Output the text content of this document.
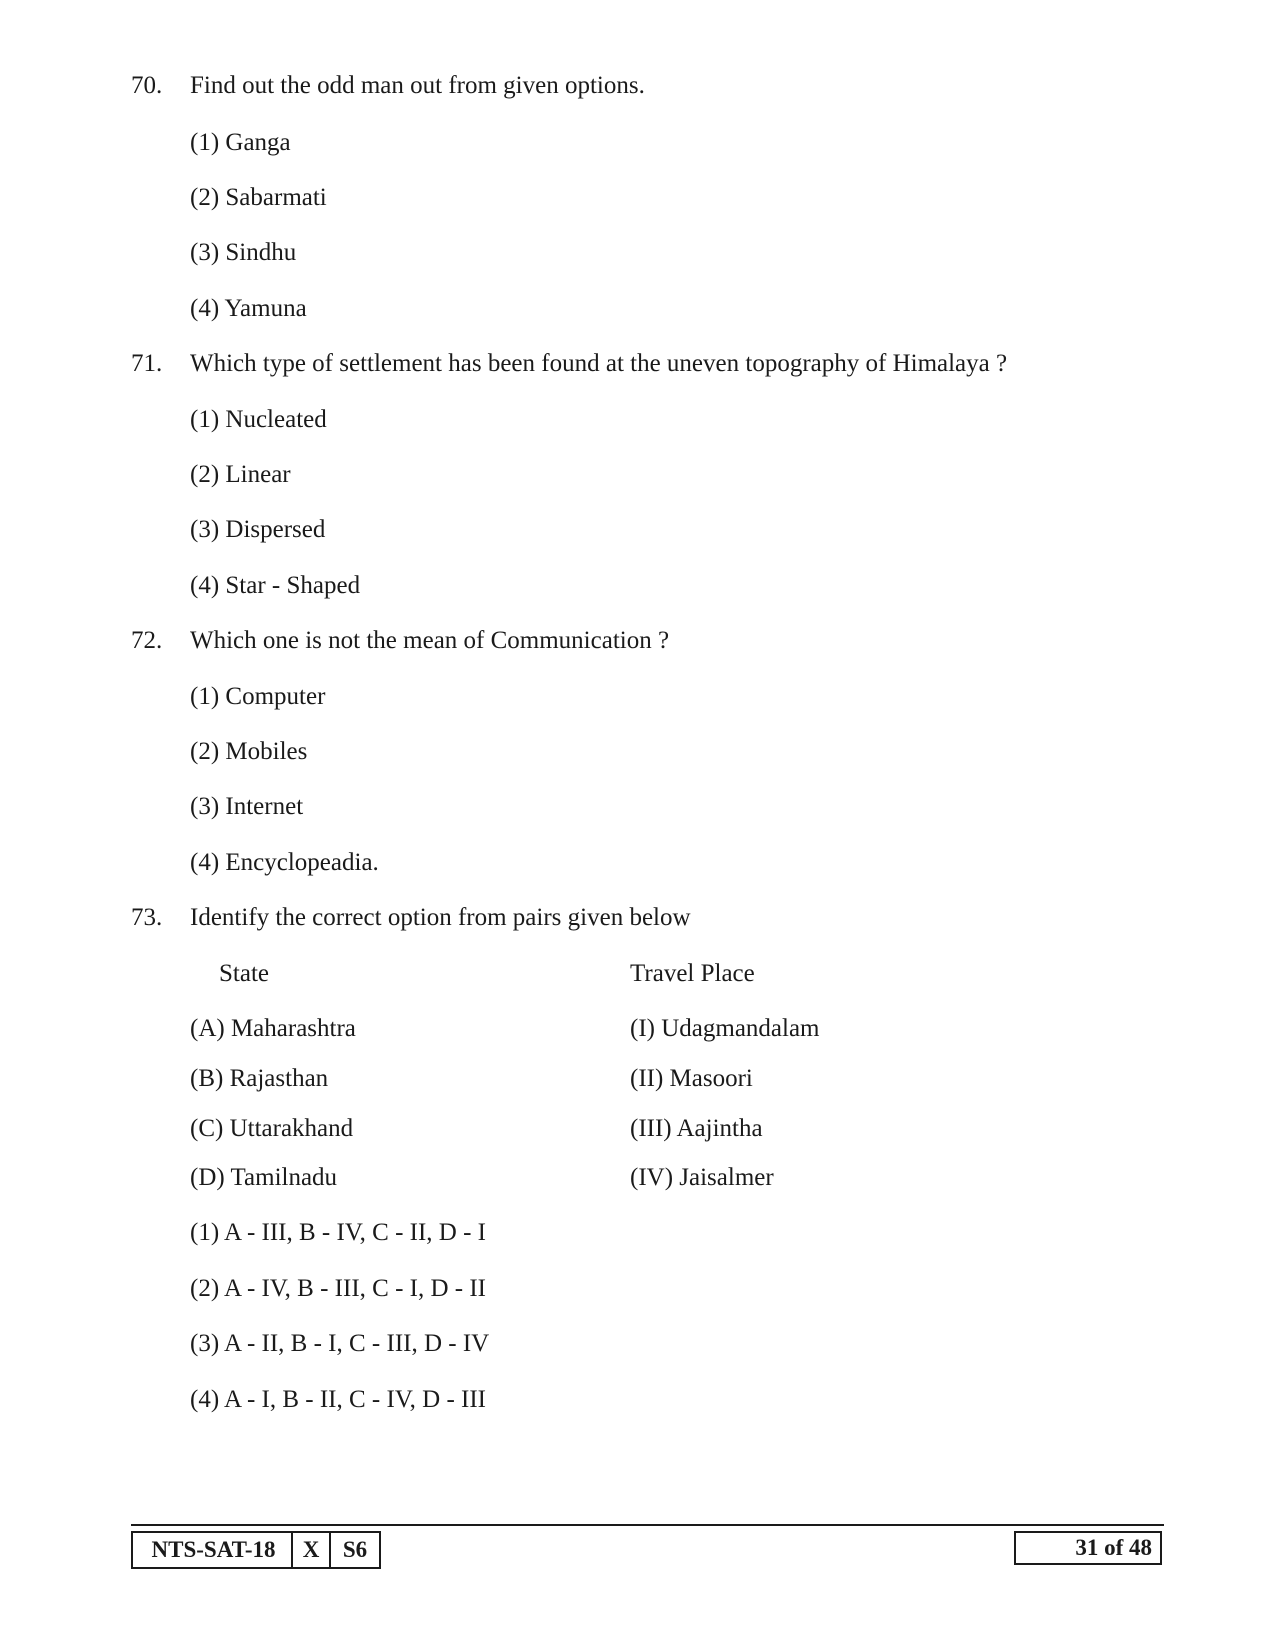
70. Find out the odd man out from given options.
(1) Ganga
(2) Sabarmati
(3) Sindhu
(4) Yamuna
71. Which type of settlement has been found at the uneven topography of Himalaya ?
(1) Nucleated
(2) Linear
(3) Dispersed
(4) Star - Shaped
72. Which one is not the mean of Communication ?
(1) Computer
(2) Mobiles
(3) Internet
(4) Encyclopeadia.
73. Identify the correct option from pairs given below
State	Travel Place
(A) Maharashtra	(I) Udagmandalam
(B) Rajasthan	(II) Masoori
(C) Uttarakhand	(III) Aajintha
(D) Tamilnadu	(IV) Jaisalmer
(1) A - III, B - IV, C - II, D - I
(2) A - IV, B - III, C - I, D - II
(3) A - II, B - I, C - III, D - IV
(4) A - I, B - II, C - IV, D - III
NTS-SAT-18	X	S6	31 of 48
